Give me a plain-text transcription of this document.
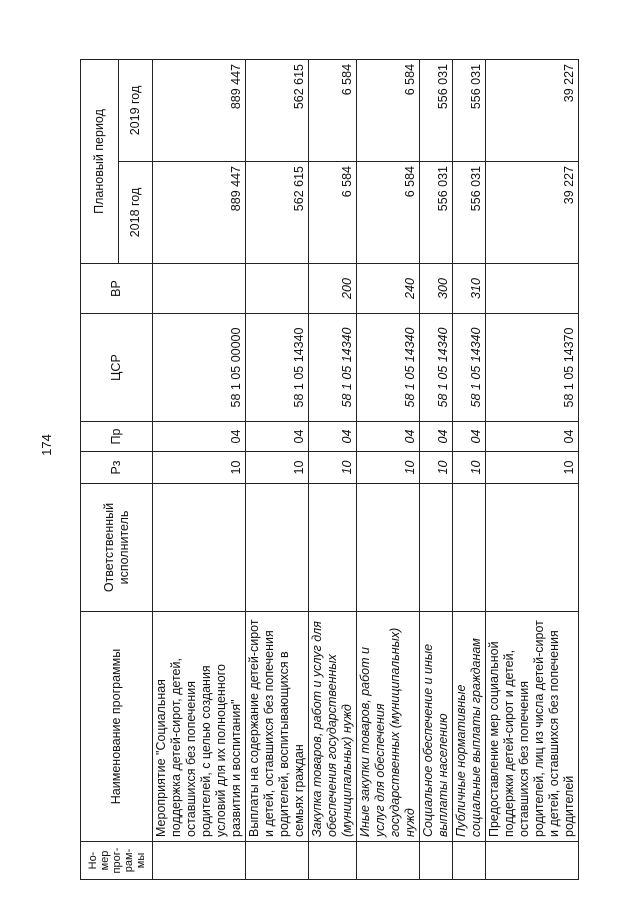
174
Но-мер прог-рам-мы	Наименование программы	Ответственный исполнитель	Рз	Пр	ЦСР	ВР	Плановый период	
							2018 год	2019 год
	Мероприятие "Социальная поддержка детей-сирот, детей, оставшихся без попечения родителей, с целью создания условий для их полноценного развития и воспитания"		10	04	58 1 05 00000		889 447	889 447
	Выплаты на содержание детей-сирот и детей, оставшихся без попечения родителей, воспитывающихся в семьях граждан		10	04	58 1 05 14340		562 615	562 615
	Закупка товаров, работ и услуг для обеспечения государственных (муниципальных) нужд		10	04	58 1 05 14340	200	6 584	6 584
	Иные закупки товаров, работ и услуг для обеспечения государственных (муниципальных) нужд		10	04	58 1 05 14340	240	6 584	6 584
	Социальное обеспечение и иные выплаты населению		10	04	58 1 05 14340	300	556 031	556 031
	Публичные нормативные социальные выплаты гражданам		10	04	58 1 05 14340	310	556 031	556 031
	Предоставление мер социальной поддержки детей-сирот и детей, оставшихся без попечения родителей, лиц из числа детей-сирот и детей, оставшихся без попечения родителей		10	04	58 1 05 14370		39 227	39 227
